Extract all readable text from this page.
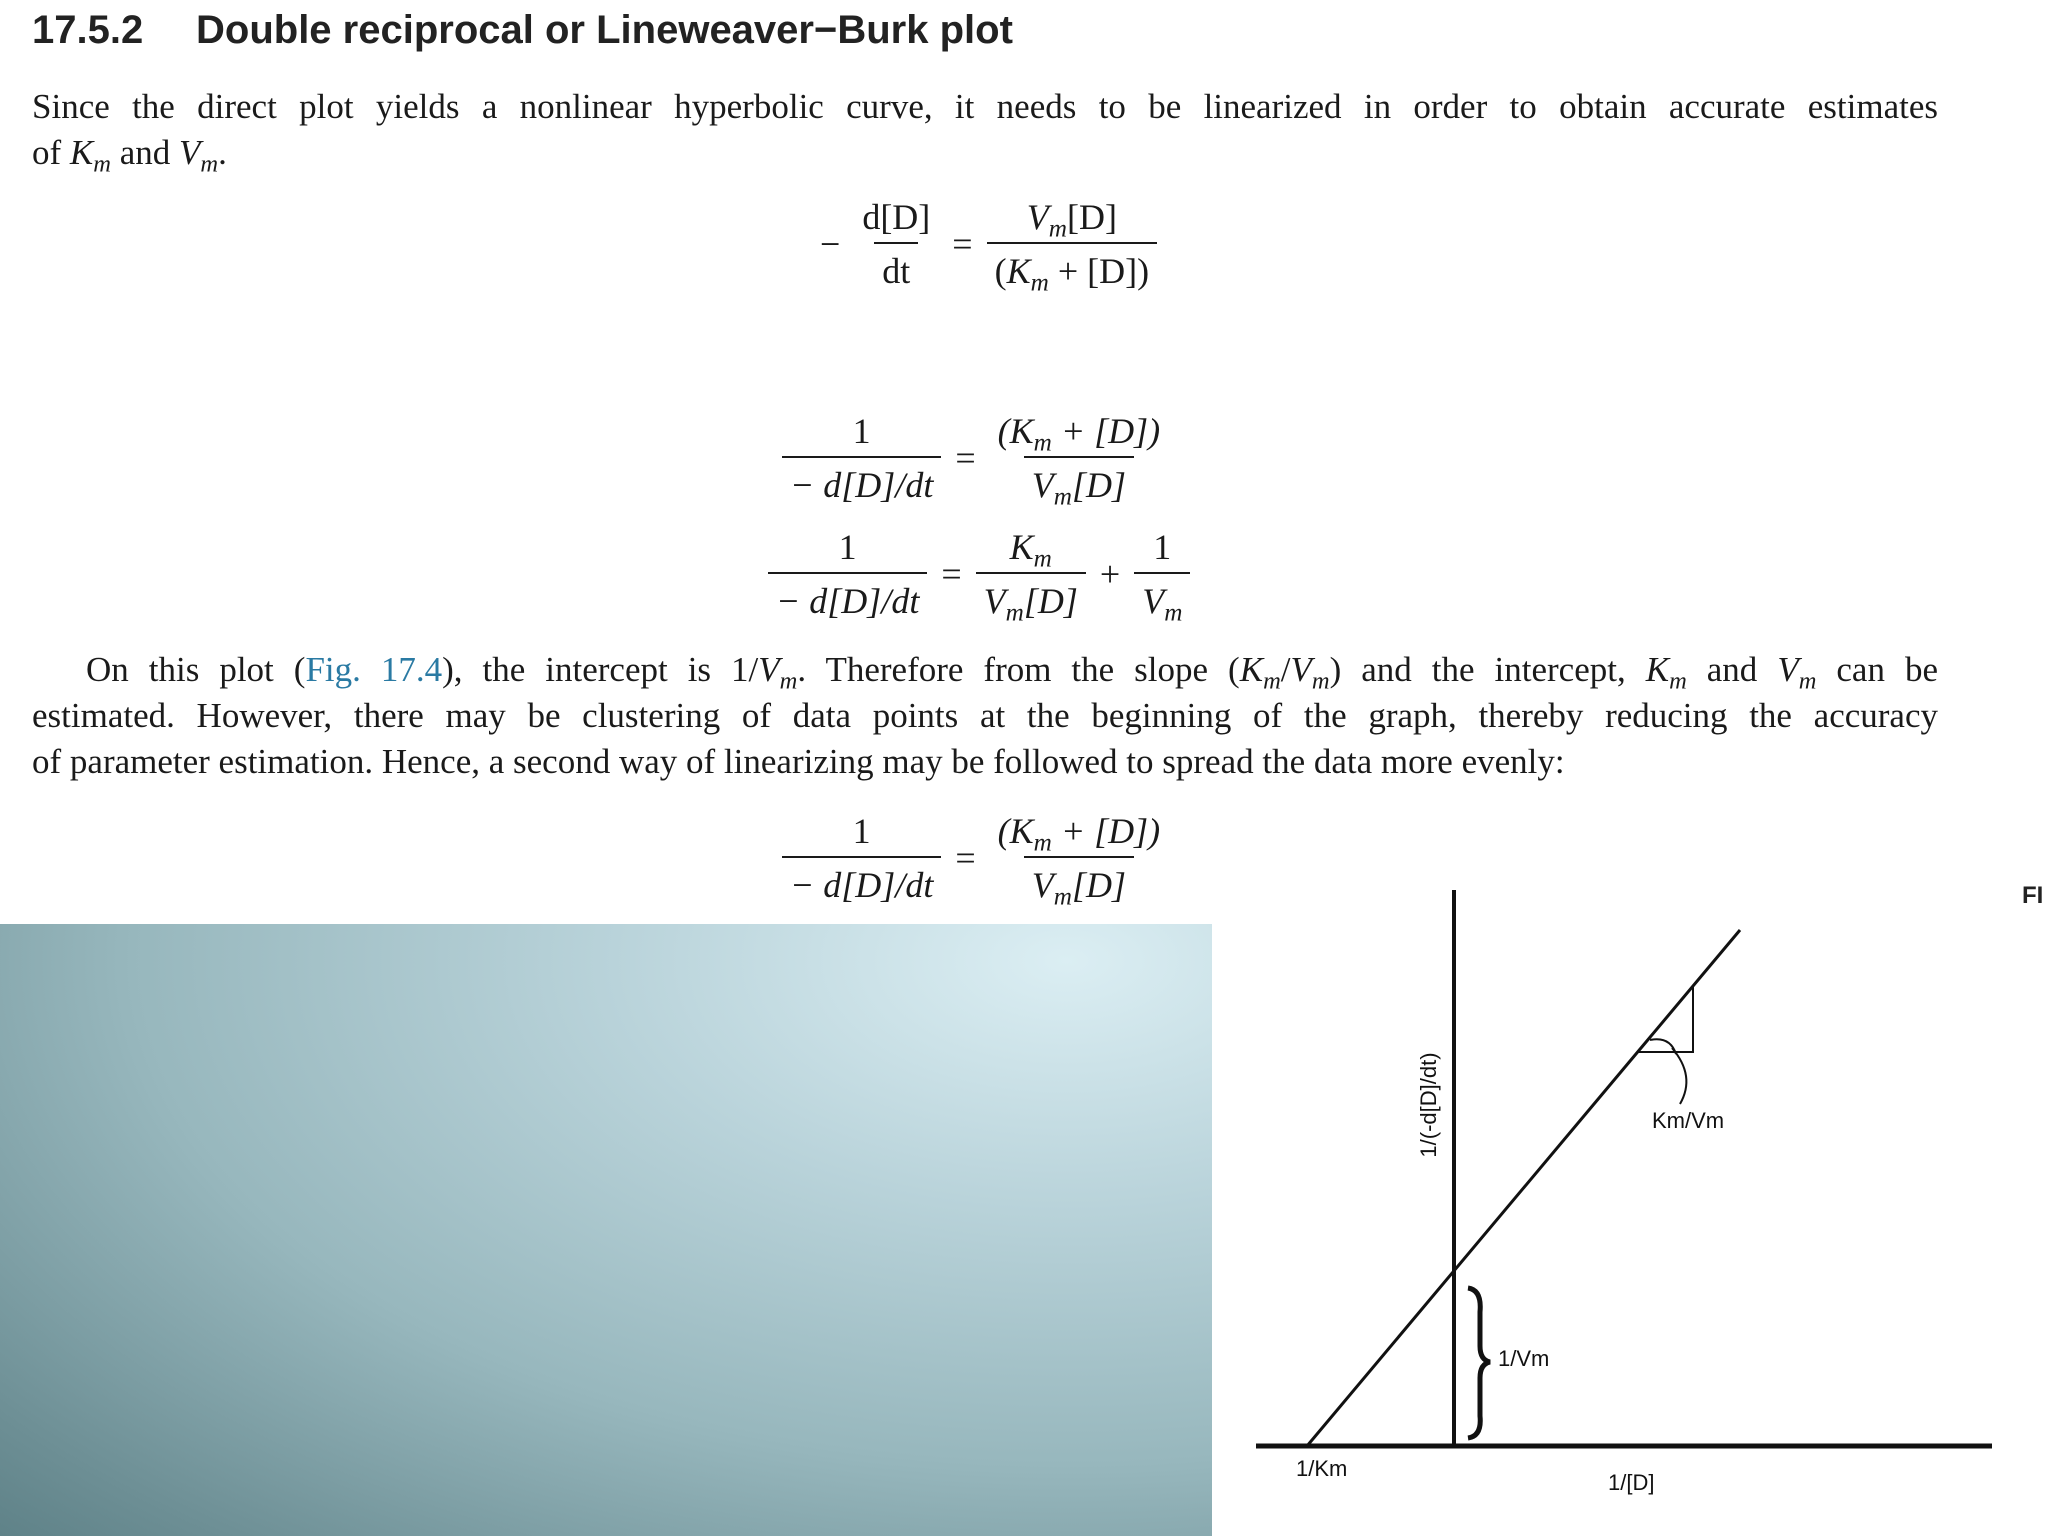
17.5.2 Double reciprocal or Lineweaver−Burk plot

Since the direct plot yields a nonlinear hyperbolic curve, it needs to be linearized in order to obtain accurate estimates
of $K_m$ and $V_m$.

− $\frac{d[D]}{dt} = \frac{V_m[D]}{(K_m + [D])}$
$\frac{1}{- d[D]/dt} = \frac{(K_m + [D])}{V_m[D]}$
$\frac{1}{- d[D]/dt} = \frac{K_m}{V_m[D]} + \frac{1}{V_m}$

On this plot (Fig. 17.4), the intercept is $1/V_m$. Therefore from the slope $(K_m/V_m)$ and the intercept, $K_m$ and $V_m$ can be
estimated. However, there may be clustering of data points at the beginning of the graph, thereby reducing the accuracy
of parameter estimation. Hence, a second way of linearizing may be followed to spread the data more evenly:

$\frac{1}{- d[D]/dt} = \frac{(K_m + [D])}{V_m[D]}$
1/(-d[D]/dt)	Km/Vm
1/Vm
1/Km
1/[D]
FI
